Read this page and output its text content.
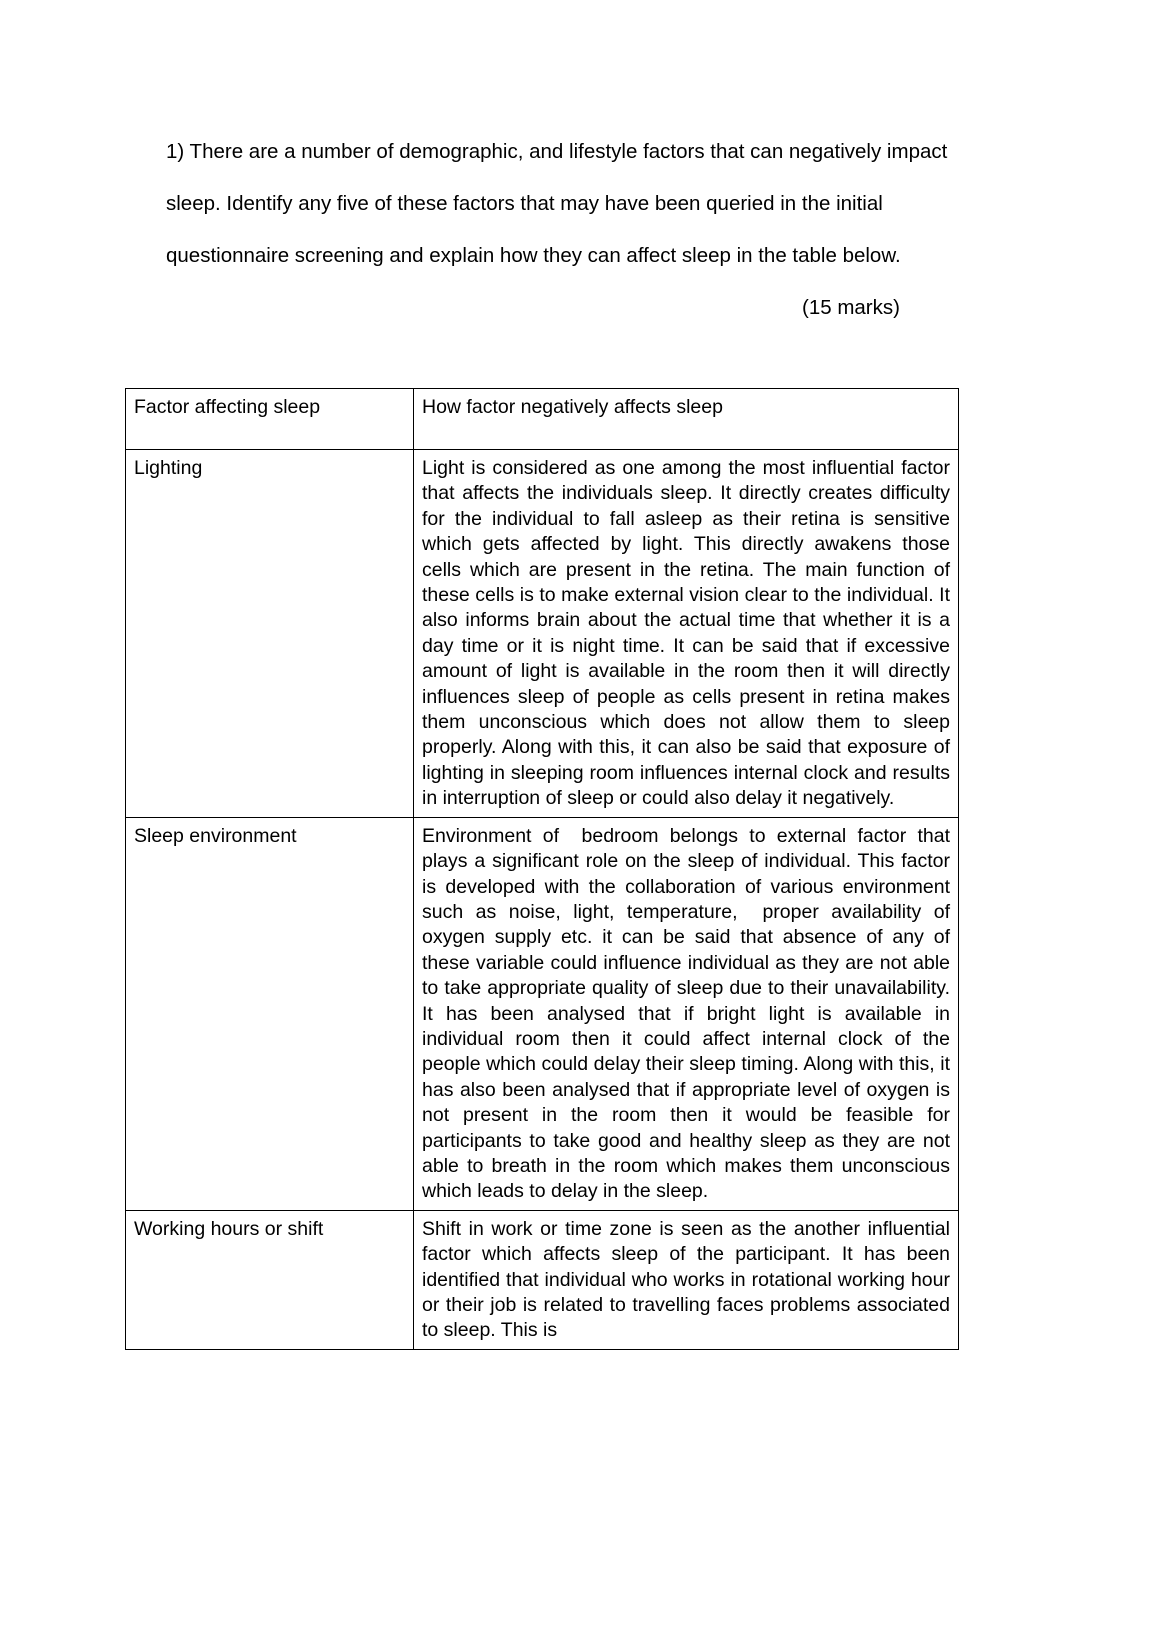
1) There are a number of demographic, and lifestyle factors that can negatively impact sleep. Identify any five of these factors that may have been queried in the initial questionnaire screening and explain how they can affect sleep in the table below.

(15 marks)
Factor affecting sleep	How factor negatively affects sleep
Lighting	Light is considered as one among the most influential factor that affects the individuals sleep. It directly creates difficulty for the individual to fall asleep as their retina is sensitive which gets affected by light. This directly awakens those cells which are present in the retina. The main function of these cells is to make external vision clear to the individual. It also informs brain about the actual time that whether it is a day time or it is night time. It can be said that if excessive amount of light is available in the room then it will directly influences sleep of people as cells present in retina makes them unconscious which does not allow them to sleep properly. Along with this, it can also be said that exposure of  lighting in sleeping room influences internal clock and results in interruption of sleep or could also delay it negatively.
Sleep environment	Environment of  bedroom belongs to external factor that plays a significant role on the sleep of individual. This factor is developed with the collaboration of various environment such as noise, light, temperature,  proper availability of oxygen supply etc. it can be said that absence of any of these variable could influence individual as they are not able to take appropriate quality of sleep due to their unavailability. It has been analysed that if bright light is available in individual room then it could affect internal clock of the people which could delay their sleep timing. Along with this, it has also been analysed that if appropriate level of oxygen is not present in the room then it would be feasible for participants to take good and healthy sleep as they are not able to breath in the room which makes them unconscious which leads to delay in the sleep.
Working hours or shift	Shift in work or time zone is seen as the another influential factor which affects sleep of the participant. It has been identified that individual who works in rotational working hour or their job is related to travelling faces problems associated to sleep. This is
